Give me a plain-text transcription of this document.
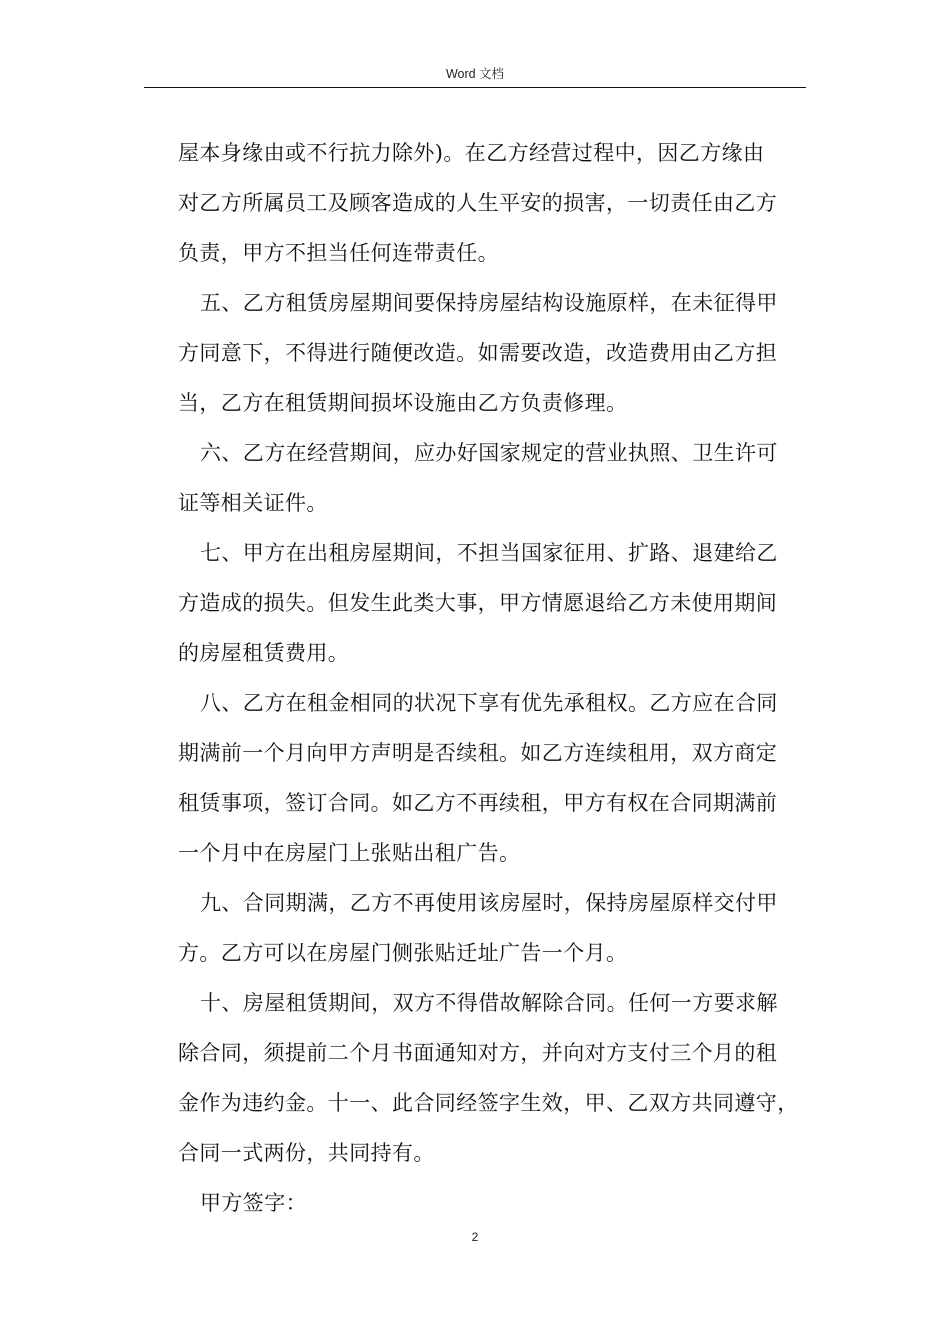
Word 文档
屋本身缘由或不行抗力除外)。在乙方经营过程中，因乙方缘由
对乙方所属员工及顾客造成的人生平安的损害，一切责任由乙方
负责，甲方不担当任何连带责任。
五、乙方租赁房屋期间要保持房屋结构设施原样，在未征得甲
方同意下，不得进行随便改造。如需要改造，改造费用由乙方担
当，乙方在租赁期间损坏设施由乙方负责修理。
六、乙方在经营期间，应办好国家规定的营业执照、卫生许可
证等相关证件。
七、甲方在出租房屋期间，不担当国家征用、扩路、退建给乙
方造成的损失。但发生此类大事，甲方情愿退给乙方未使用期间
的房屋租赁费用。
八、乙方在租金相同的状况下享有优先承租权。乙方应在合同
期满前一个月向甲方声明是否续租。如乙方连续租用，双方商定
租赁事项，签订合同。如乙方不再续租，甲方有权在合同期满前
一个月中在房屋门上张贴出租广告。
九、合同期满，乙方不再使用该房屋时，保持房屋原样交付甲
方。乙方可以在房屋门侧张贴迁址广告一个月。
十、房屋租赁期间，双方不得借故解除合同。任何一方要求解
除合同，须提前二个月书面通知对方，并向对方支付三个月的租
金作为违约金。十一、此合同经签字生效，甲、乙双方共同遵守，
合同一式两份，共同持有。
甲方签字：
2
